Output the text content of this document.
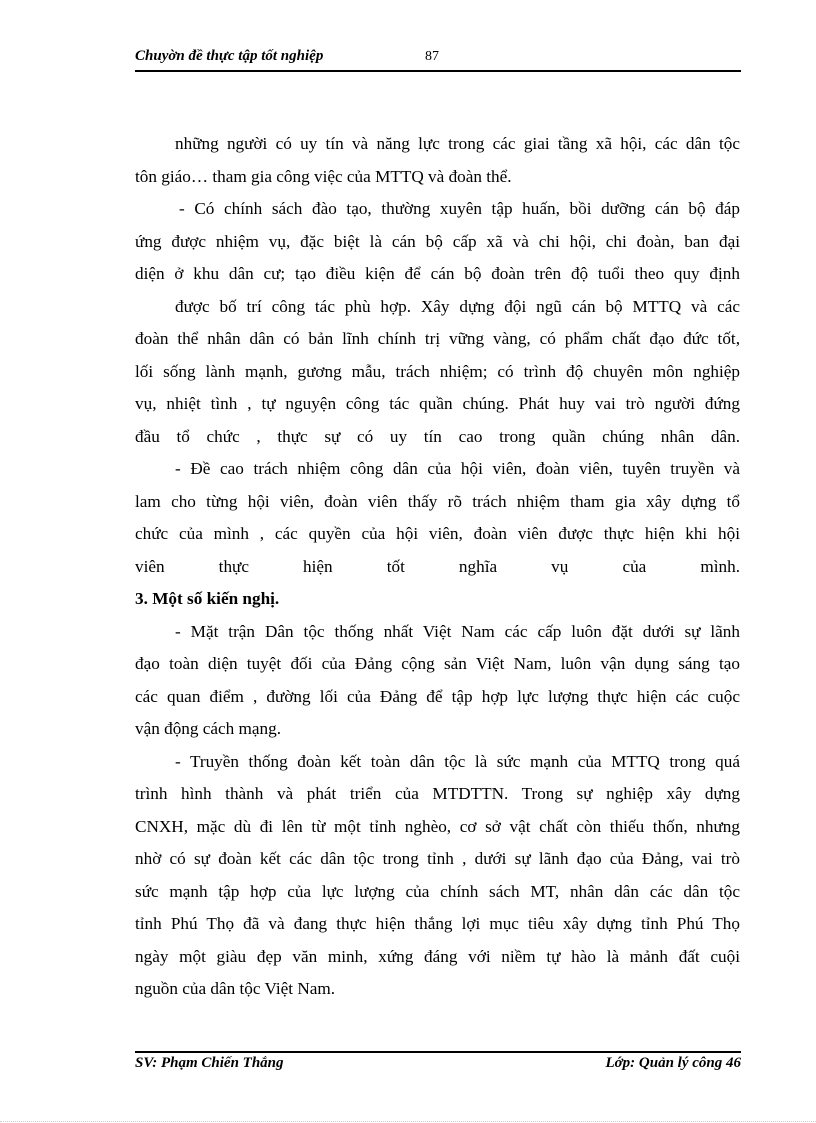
Chuyờn đề thực tập tốt nghiệp	87
những người có uy tín và năng lực trong các giai tầng xã hội, các dân tộc
tôn giáo… tham gia công việc của MTTQ và đoàn thể.
- Có chính sách đào tạo, thường xuyên tập huấn, bồi dưỡng cán bộ đáp
ứng được nhiệm vụ, đặc biệt là cán bộ cấp xã và chi hội, chi đoàn, ban đại
diện ở khu dân cư; tạo điều kiện để cán bộ đoàn trên độ tuổi theo quy định
được bố trí công tác phù hợp. Xây dựng đội ngũ cán bộ MTTQ và các
đoàn thể nhân dân có bản lĩnh chính trị vững vàng, có phẩm chất đạo đức tốt,
lối sống lành mạnh, gương mẫu, trách nhiệm; có trình độ chuyên môn nghiệp
vụ, nhiệt tình , tự nguyện công tác quần chúng. Phát huy vai trò người đứng
đầu tổ chức , thực sự có uy tín cao trong quần chúng nhân dân.
- Đề cao trách nhiệm công dân của hội viên, đoàn viên, tuyên truyền và
lam cho từng hội viên, đoàn viên thấy rõ trách nhiệm tham gia xây dựng tổ
chức của mình , các quyền của hội viên, đoàn viên được thực hiện khi hội
viên thực hiện tốt nghĩa vụ của mình.
3. Một số kiến nghị.
- Mặt trận Dân tộc thống nhất Việt Nam các cấp luôn đặt dưới sự lãnh
đạo toàn diện tuyệt đối của Đảng cộng sản Việt Nam, luôn vận dụng sáng tạo
các quan điểm , đường lối của Đảng để tập hợp lực lượng thực hiện các cuộc
vận động cách mạng.
- Truyền thống đoàn kết toàn dân tộc là sức mạnh của MTTQ trong quá
trình hình thành và phát triển của MTDTTN. Trong sự nghiệp xây dựng
CNXH, mặc dù đi lên từ một tỉnh nghèo, cơ sở vật chất còn thiếu thốn, nhưng
nhờ có sự đoàn kết các dân tộc trong tỉnh , dưới sự lãnh đạo của Đảng, vai trò
sức mạnh tập hợp của lực lượng của chính sách MT, nhân dân các dân tộc
tỉnh Phú Thọ đã và đang thực hiện thắng lợi mục tiêu xây dựng tỉnh Phú Thọ
ngày một giàu đẹp văn minh, xứng đáng với niềm tự hào là mảnh đất cuội
nguồn của dân tộc Việt Nam.
SV: Phạm Chiến Thắng	Lớp: Quản lý công 46
